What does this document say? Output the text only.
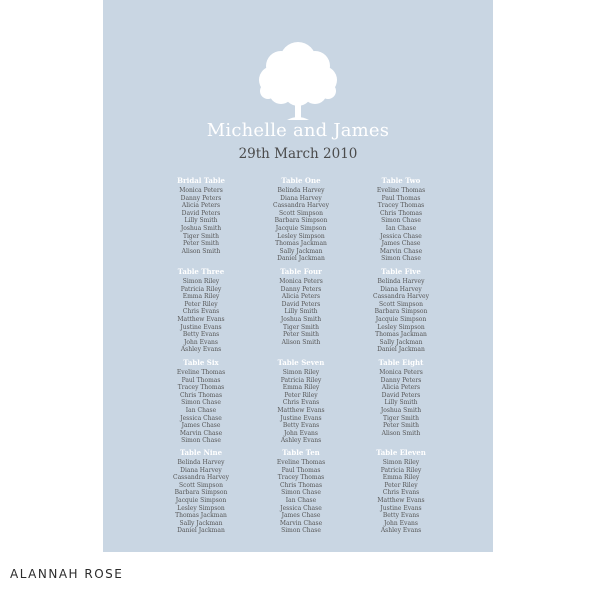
Michelle and James
29th March 2010
Bridal Table
Monica Peters
Danny Peters
Alicia Peters
David Peters
Lilly Smith
Joshua Smith
Tiger Smith
Peter Smith
Alison Smith
Table One
Belinda Harvey
Diana Harvey
Cassandra Harvey
Scott Simpson
Barbara Simpson
Jacquie Simpson
Lesley Simpson
Thomas Jackman
Sally Jackman
Daniel Jackman
Table Two
Eveline Thomas
Paul Thomas
Tracey Thomas
Chris Thomas
Simon Chase
Ian Chase
Jessica Chase
James Chase
Marvin Chase
Simon Chase
Table Three
Simon Riley
Patricia Riley
Emma Riley
Peter Riley
Chris Evans
Matthew Evans
Justine Evans
Betty Evans
John Evans
Ashley Evans
Table Four
Monica Peters
Danny Peters
Alicia Peters
David Peters
Lilly Smith
Joshua Smith
Tiger Smith
Peter Smith
Alison Smith
Table Five
Belinda Harvey
Diana Harvey
Cassandra Harvey
Scott Simpson
Barbara Simpson
Jacquie Simpson
Lesley Simpson
Thomas Jackman
Sally Jackman
Daniel Jackman
Table Six
Eveline Thomas
Paul Thomas
Tracey Thomas
Chris Thomas
Simon Chase
Ian Chase
Jessica Chase
James Chase
Marvin Chase
Simon Chase
Table Seven
Simon Riley
Patricia Riley
Emma Riley
Peter Riley
Chris Evans
Matthew Evans
Justine Evans
Betty Evans
John Evans
Ashley Evans
Table Eight
Monica Peters
Danny Peters
Alicia Peters
David Peters
Lilly Smith
Joshua Smith
Tiger Smith
Peter Smith
Alison Smith
Table Nine
Belinda Harvey
Diana Harvey
Cassandra Harvey
Scott Simpson
Barbara Simpson
Jacquie Simpson
Lesley Simpson
Thomas Jackman
Sally Jackman
Daniel Jackman
Table Ten
Eveline Thomas
Paul Thomas
Tracey Thomas
Chris Thomas
Simon Chase
Ian Chase
Jessica Chase
James Chase
Marvin Chase
Simon Chase
Table Eleven
Simon Riley
Patricia Riley
Emma Riley
Peter Riley
Chris Evans
Matthew Evans
Justine Evans
Betty Evans
John Evans
Ashley Evans
ALANNAH ROSE
